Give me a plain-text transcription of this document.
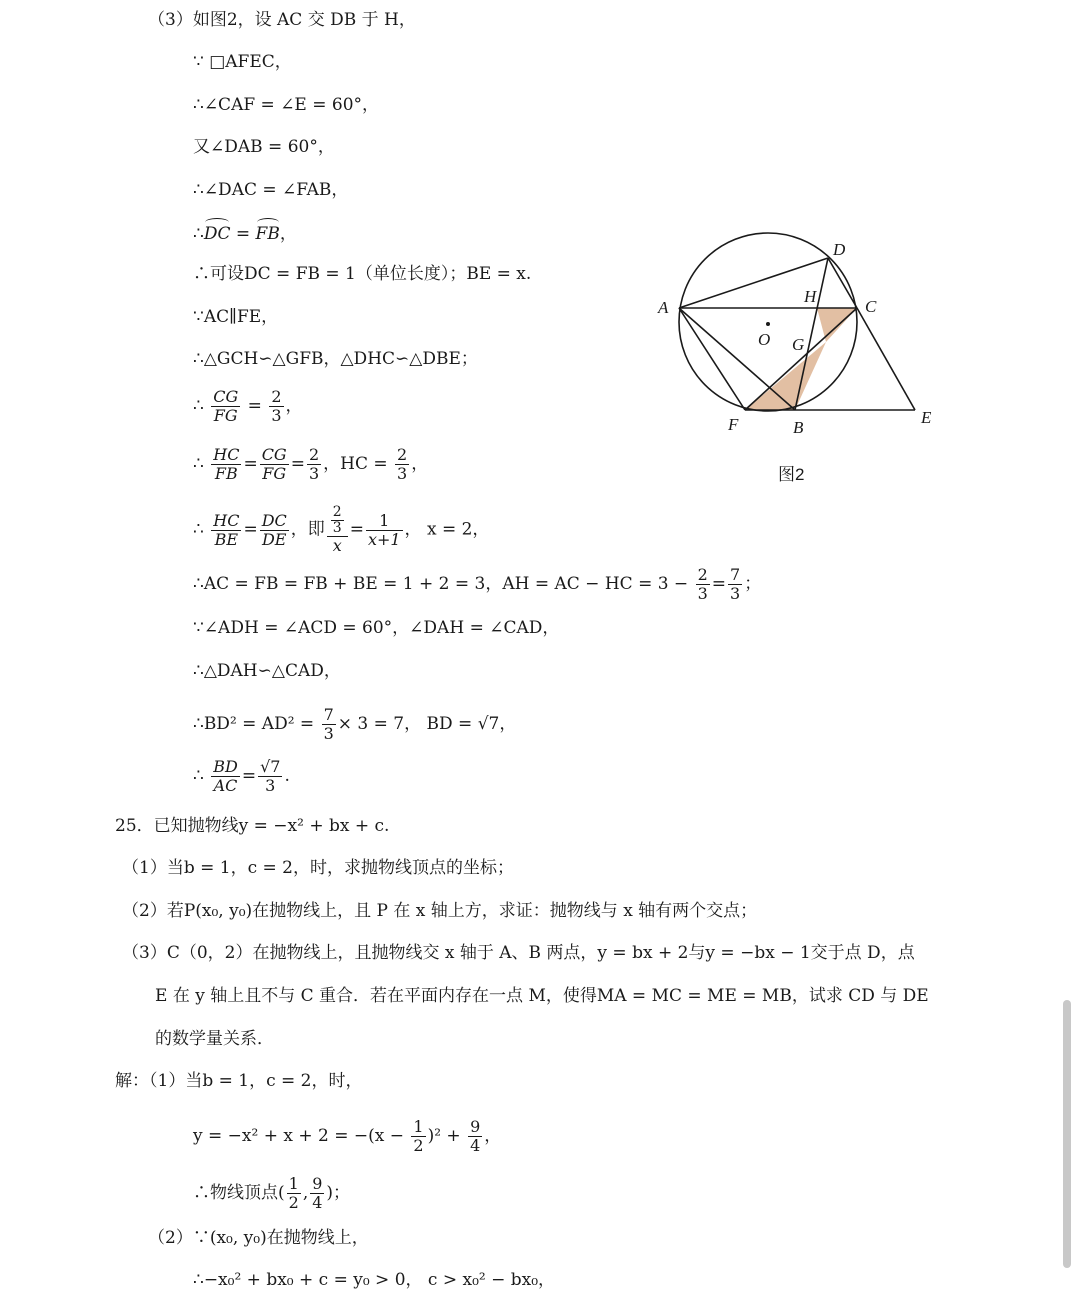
（3）如图2，设 AC 交 DB 于 H，
∵ □AFEC，
∴∠CAF = ∠E = 60°，
又∠DAB = 60°，
∴∠DAC = ∠FAB，
∴DC = FB，
∴可设DC = FB = 1（单位长度）；BE = x.
∵AC∥FE，
∴△GCH∽△GFB，△DHC∽△DBE；
∴ $\frac{CG}{FG} = \frac{2}{3}$ ，
∴ $\frac{HC}{FB} = \frac{CG}{FG} = \frac{2}{3}$ ，HC = $\frac{2}{3}$ ，
∴ $\frac{HC}{BE} = \frac{DC}{DE}$ ，即 $\frac{\frac{2}{3}}{x} = \frac{1}{x+1}$ ， x = 2，
∴AC = FB = FB + BE = 1 + 2 = 3，AH = AC − HC = $3 - \frac{2}{3} = \frac{7}{3}$ ；
∵∠ADH = ∠ACD = 60°，∠DAH = ∠CAD，
∴△DAH∽△CAD，
∴BD² = $AD^2 = \frac{7}{3} \times 3 = 7$， BD = √7，
∴ $\frac{BD}{AC} = \frac{√7}{3}$ .
25．已知抛物线y = −x² + bx + c.
（1）当b = 1，c = 2，时，求抛物线顶点的坐标；
（2）若P(x₀, y₀)在抛物线上，且 P 在 x 轴上方，求证：抛物线与 x 轴有两个交点；
（3）C（0，2）在抛物线上，且抛物线交 x 轴于 A、B 两点，y = bx + 2与y = −bx − 1交于点 D，点
E 在 y 轴上且不与 C 重合．若在平面内存在一点 M，使得MA = MC = ME = MB，试求 CD 与 DE
的数学量关系．
解：（1）当b = 1，c = 2，时，
$y = -x^2 + x + 2 = -(x - \frac{1}{2} )^2 + \frac{9}{4}$ ，
∴物线顶点( $\frac{1}{2}$ , $\frac{9}{4}$ )；
（2）∵(x₀, y₀)在抛物线上，
∴−x₀² + bx₀ + c = y₀ > 0， c > x₀² − bx₀，
A
D
H
C
O G
F	B
E
图2
